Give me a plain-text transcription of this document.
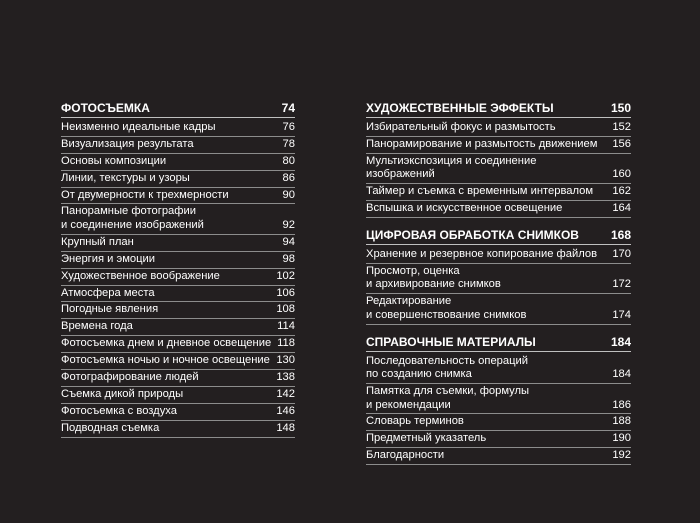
ФОТОСЪЕМКА	74
Неизменно идеальные кадры	76
Визуализация результата	78
Основы композиции	80
Линии, текстуры и узоры	86
От двумерности к трехмерности	90
Панорамные фотографии
и соединение изображений	92
Крупный план	94
Энергия и эмоции	98
Художественное воображение	102
Атмосфера места	106
Погодные явления	108
Времена года	114
Фотосъемка днем и дневное освещение 118
Фотосъемка ночью и ночное освещение 130
Фотографирование людей	138
Съемка дикой природы	142
Фотосъемка с воздуха	146
Подводная съемка	148
ХУДОЖЕСТВЕННЫЕ ЭФФЕКТЫ	150
Избирательный фокус и размытость	152
Панорамирование и размытость движением	156
Мультиэкспозиция и соединение изображений	160
Таймер и съемка с временным интервалом	162
Вспышка и искусственное освещение	164
ЦИФРОВАЯ ОБРАБОТКА СНИМКОВ	168
Хранение и резервное копирование файлов	170
Просмотр, оценка
и архивирование снимков	172
Редактирование
и совершенствование снимков	174
СПРАВОЧНЫЕ МАТЕРИАЛЫ	184
Последовательность операций
по созданию снимка	184
Памятка для съемки, формулы
и рекомендации	186
Словарь терминов	188
Предметный указатель	190
Благодарности	192
